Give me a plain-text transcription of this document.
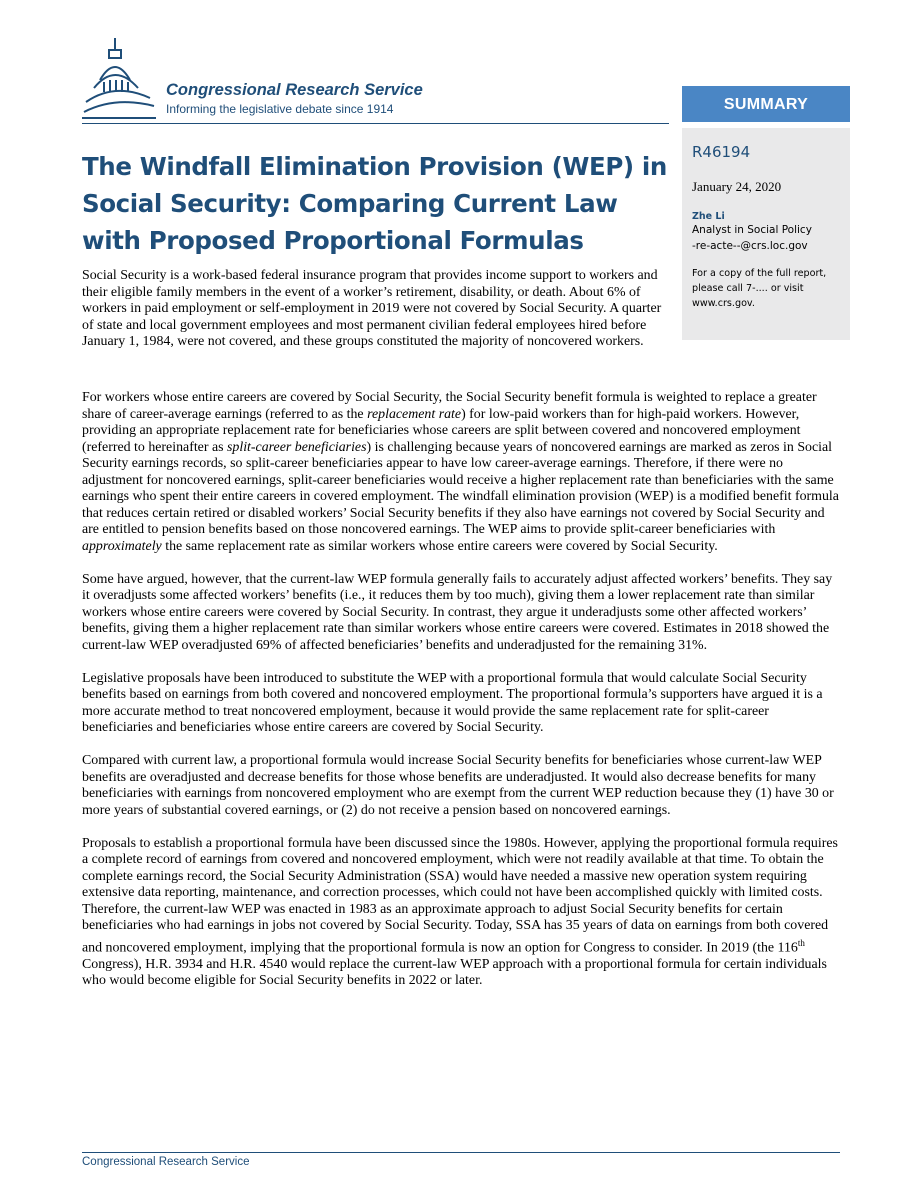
Congressional Research Service
Informing the legislative debate since 1914	SUMMARY
R46194
January 24, 2020
Zhe Li
Analyst in Social Policy
-re-acte--@crs.loc.gov
For a copy of the full report, please call 7-.... or visit www.crs.gov.
The Windfall Elimination Provision (WEP) in Social Security: Comparing Current Law with Proposed Proportional Formulas

Social Security is a work-based federal insurance program that provides income support to workers and their eligible family members in the event of a worker’s retirement, disability, or death. About 6% of workers in paid employment or self-employment in 2019 were not covered by Social Security. A quarter of state and local government employees and most permanent civilian federal employees hired before January 1, 1984, were not covered, and these groups constituted the majority of noncovered workers.

For workers whose entire careers are covered by Social Security, the Social Security benefit formula is weighted to replace a greater share of career-average earnings (referred to as the replacement rate) for low-paid workers than for high-paid workers. However, providing an appropriate replacement rate for beneficiaries whose careers are split between covered and noncovered employment (referred to hereinafter as split-career beneficiaries) is challenging because years of noncovered earnings are marked as zeros in Social Security earnings records, so split-career beneficiaries appear to have low career-average earnings. Therefore, if there were no adjustment for noncovered earnings, split-career beneficiaries would receive a higher replacement rate than beneficiaries with the same earnings who spent their entire careers in covered employment. The windfall elimination provision (WEP) is a modified benefit formula that reduces certain retired or disabled workers’ Social Security benefits if they also have earnings not covered by Social Security and are entitled to pension benefits based on those noncovered earnings. The WEP aims to provide split-career beneficiaries with approximately the same replacement rate as similar workers whose entire careers were covered by Social Security.

Some have argued, however, that the current-law WEP formula generally fails to accurately adjust affected workers’ benefits. They say it overadjusts some affected workers’ benefits (i.e., it reduces them by too much), giving them a lower replacement rate than similar workers whose entire careers were covered by Social Security. In contrast, they argue it underadjusts some other affected workers’ benefits, giving them a higher replacement rate than similar workers whose entire careers were covered. Estimates in 2018 showed the current-law WEP overadjusted 69% of affected beneficiaries’ benefits and underadjusted for the remaining 31%.

Legislative proposals have been introduced to substitute the WEP with a proportional formula that would calculate Social Security benefits based on earnings from both covered and noncovered employment. The proportional formula’s supporters have argued it is a more accurate method to treat noncovered employment, because it would provide the same replacement rate for split-career beneficiaries and beneficiaries whose entire careers are covered by Social Security.

Compared with current law, a proportional formula would increase Social Security benefits for beneficiaries whose current-law WEP benefits are overadjusted and decrease benefits for those whose benefits are underadjusted. It would also decrease benefits for many beneficiaries with earnings from noncovered employment who are exempt from the current WEP reduction because they (1) have 30 or more years of substantial covered earnings, or (2) do not receive a pension based on noncovered earnings.

Proposals to establish a proportional formula have been discussed since the 1980s. However, applying the proportional formula requires a complete record of earnings from covered and noncovered employment, which were not readily available at that time. To obtain the complete earnings record, the Social Security Administration (SSA) would have needed a massive new operation system requiring extensive data reporting, maintenance, and correction processes, which could not have been accomplished quickly with limited costs. Therefore, the current-law WEP was enacted in 1983 as an approximate approach to adjust Social Security benefits for certain beneficiaries who had earnings in jobs not covered by Social Security. Today, SSA has 35 years of data on earnings from both covered and noncovered employment, implying that the proportional formula is now an option for Congress to consider. In 2019 (the 116th Congress), H.R. 3934 and H.R. 4540 would replace the current-law WEP approach with a proportional formula for certain individuals who would become eligible for Social Security benefits in 2022 or later.

Congressional Research Service
